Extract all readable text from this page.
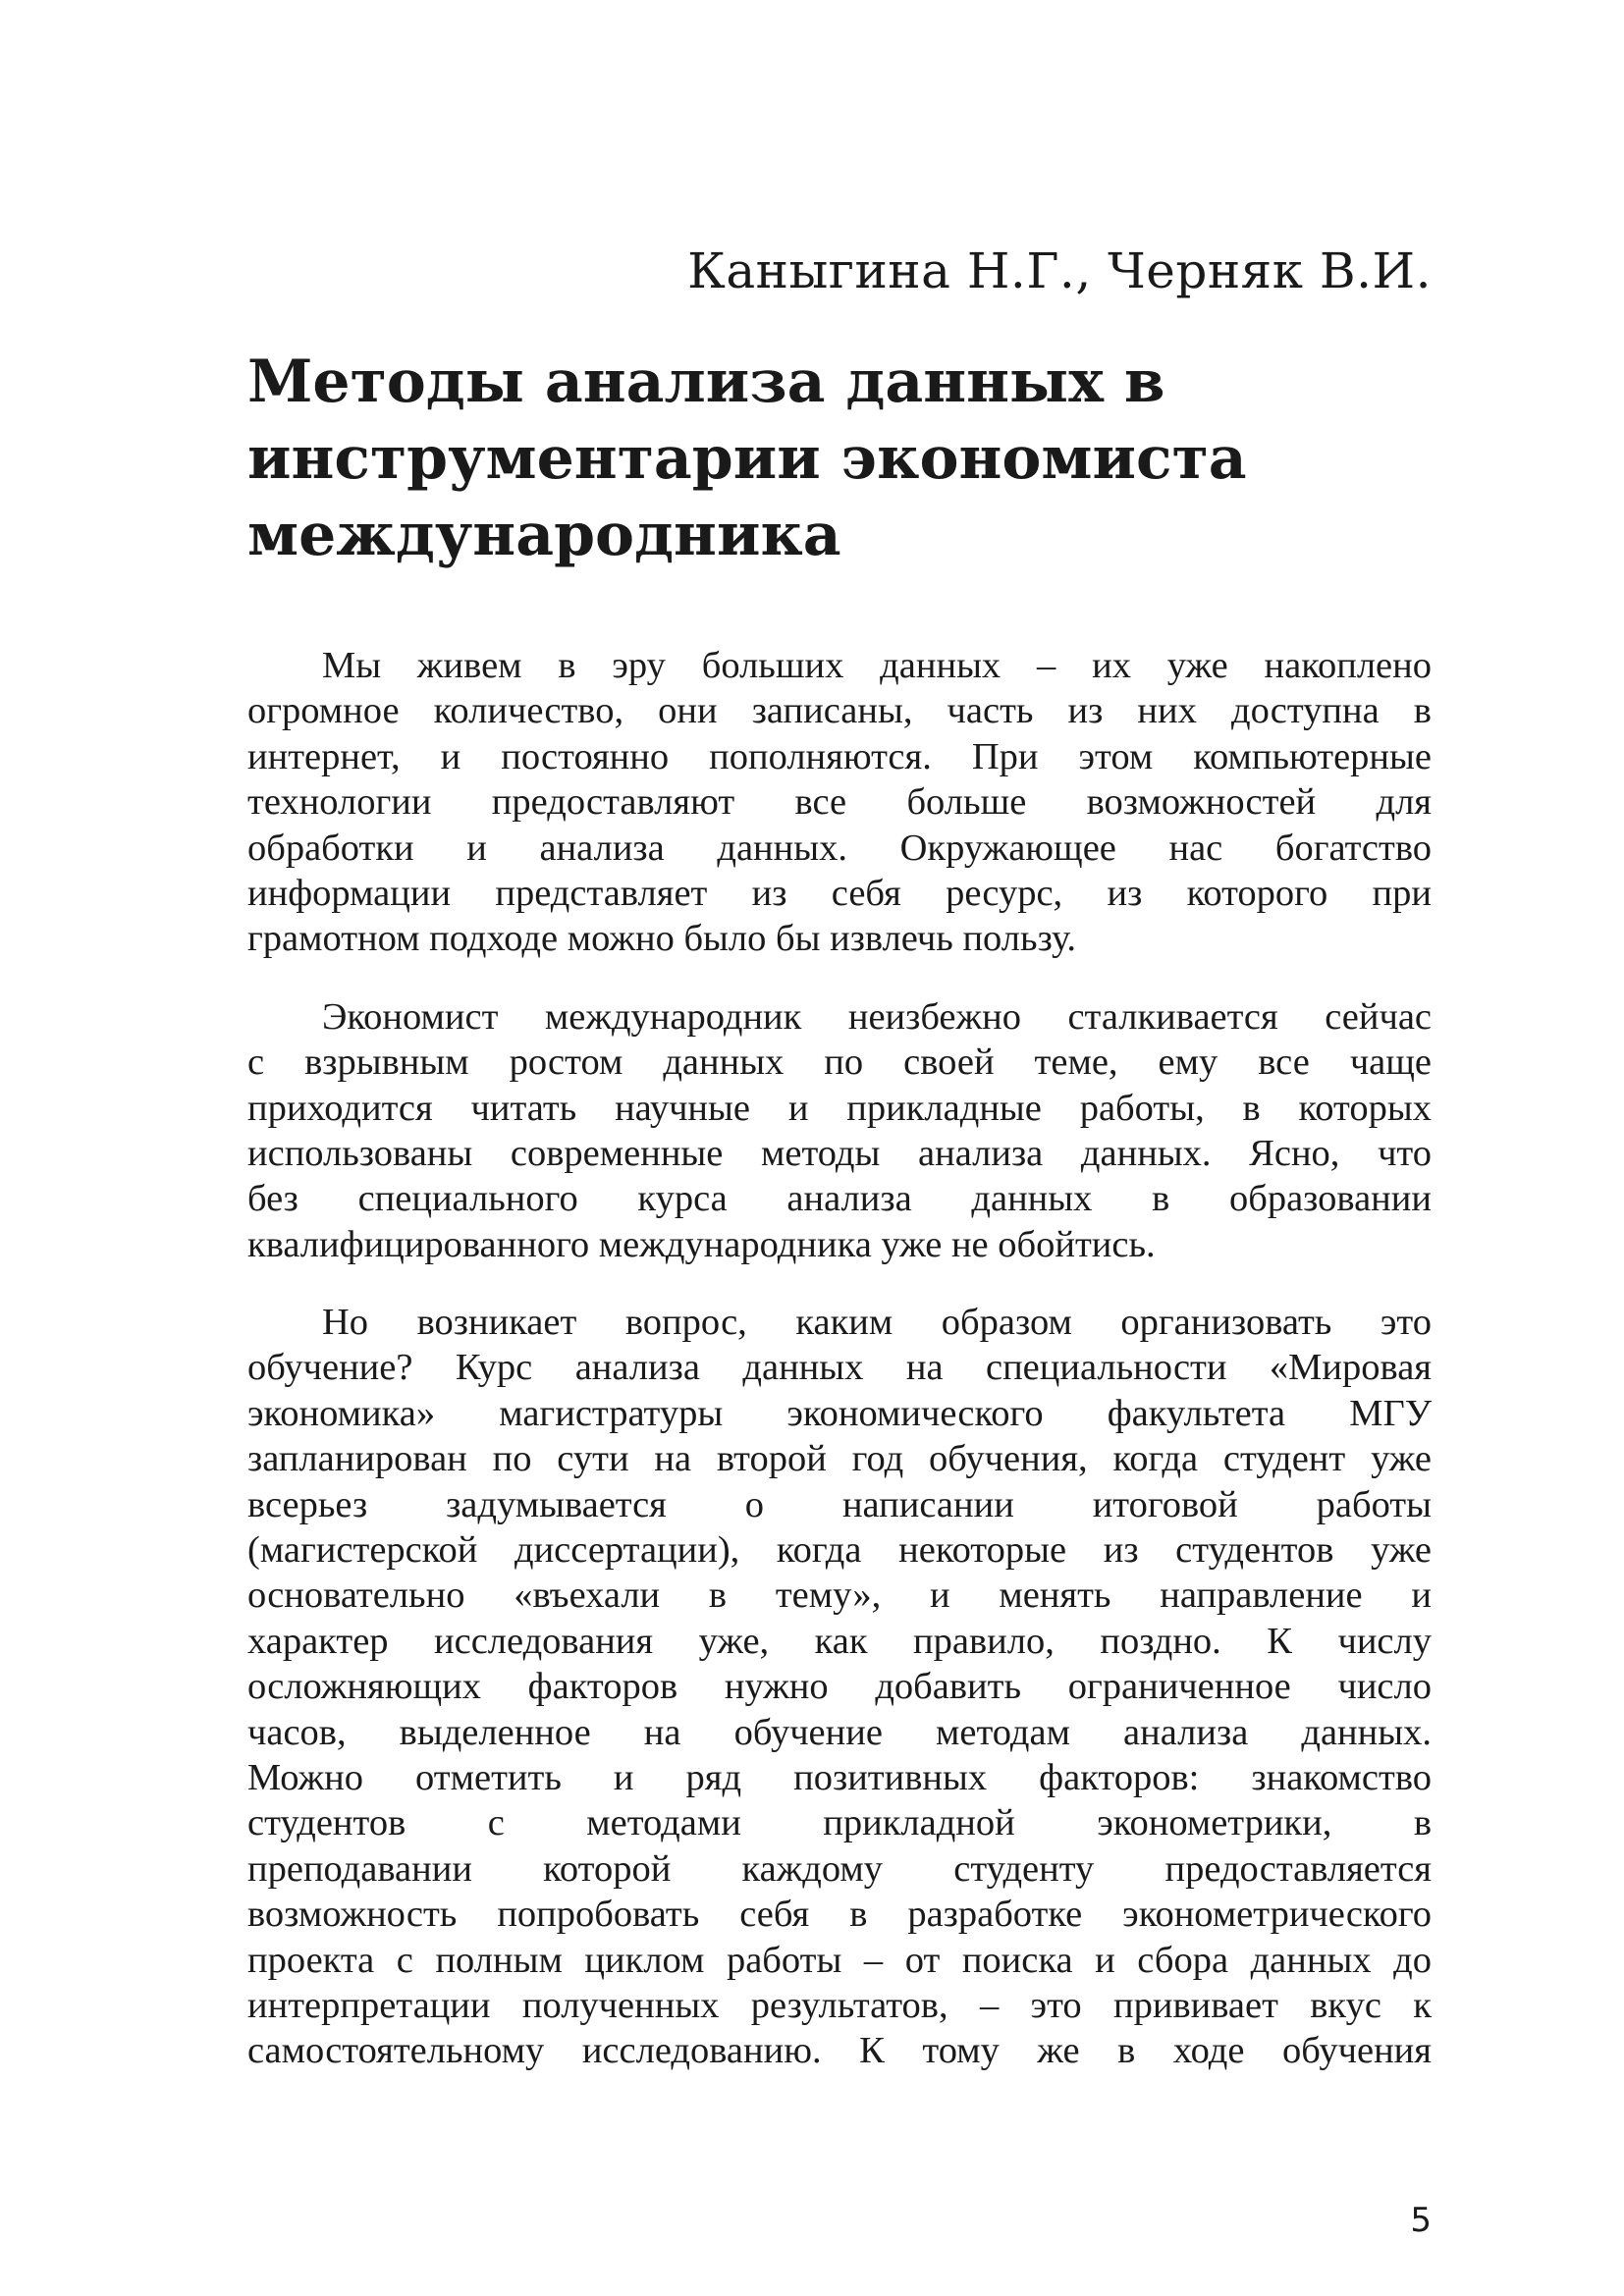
Каныгина Н.Г., Черняк В.И.
Методы анализа данных в
инструментарии экономиста
международника

Мы живем в эру больших данных – их уже накоплено
огромное количество, они записаны, часть из них доступна в
интернет, и постоянно пополняются. При этом компьютерные
технологии предоставляют все больше возможностей для
обработки и анализа данных. Окружающее нас богатство
информации представляет из себя ресурс, из которого при
грамотном подходе можно было бы извлечь пользу.

Экономист международник неизбежно сталкивается сейчас
с взрывным ростом данных по своей теме, ему все чаще
приходится читать научные и прикладные работы, в которых
использованы современные методы анализа данных. Ясно, что
без специального курса анализа данных в образовании
квалифицированного международника уже не обойтись.

Но возникает вопрос, каким образом организовать это
обучение? Курс анализа данных на специальности «Мировая
экономика» магистратуры экономического факультета МГУ
запланирован по сути на второй год обучения, когда студент уже
всерьез задумывается о написании итоговой работы
(магистерской диссертации), когда некоторые из студентов уже
основательно «въехали в тему», и менять направление и
характер исследования уже, как правило, поздно. К числу
осложняющих факторов нужно добавить ограниченное число
часов, выделенное на обучение методам анализа данных.
Можно отметить и ряд позитивных факторов: знакомство
студентов с методами прикладной эконометрики, в
преподавании которой каждому студенту предоставляется
возможность попробовать себя в разработке эконометрического
проекта с полным циклом работы – от поиска и сбора данных до
интерпретации полученных результатов, – это прививает вкус к
самостоятельному исследованию. К тому же в ходе обучения

5
